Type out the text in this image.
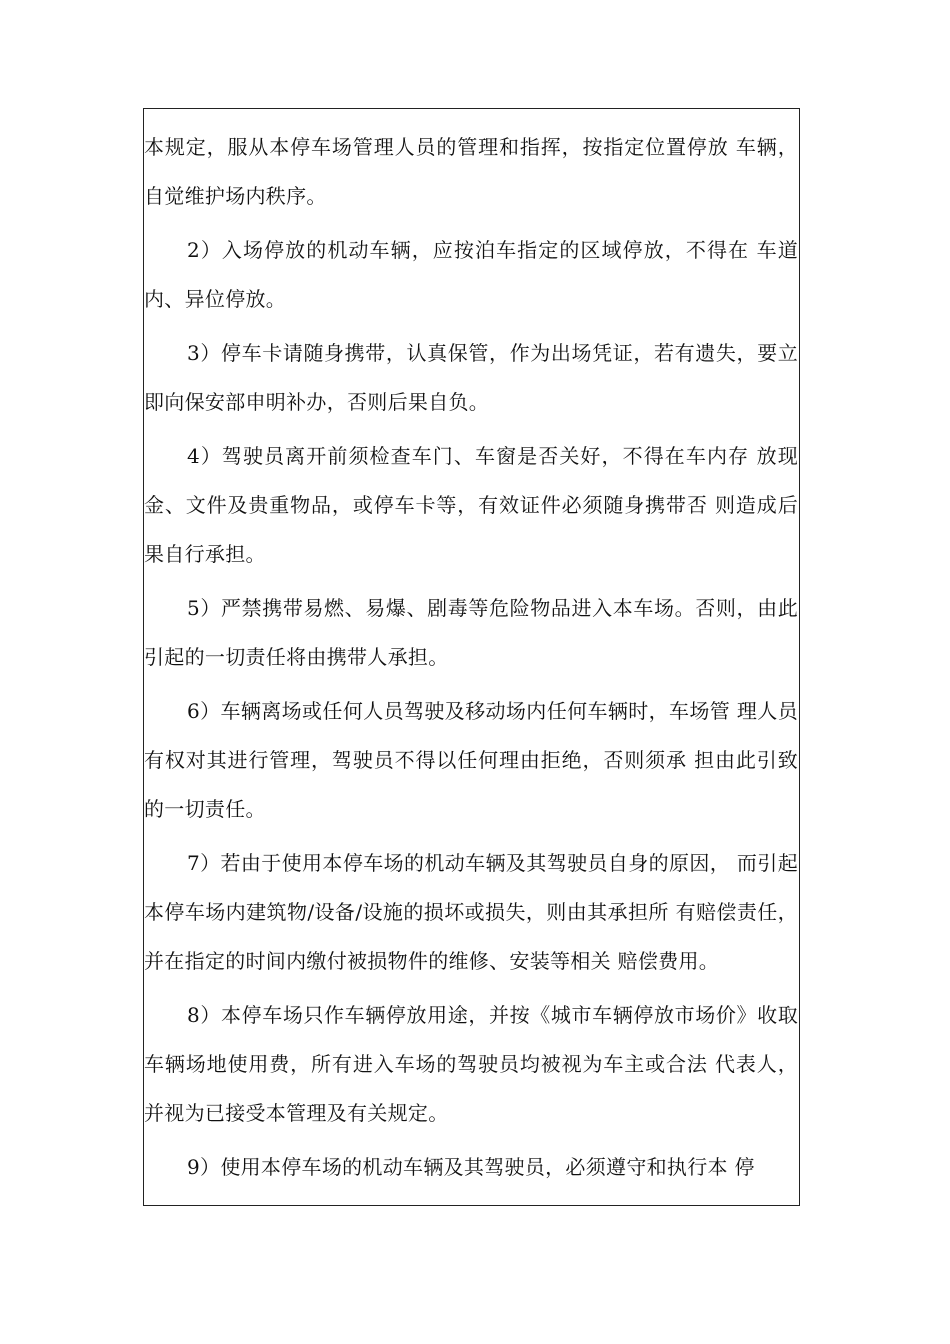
本规定，服从本停车场管理人员的管理和指挥，按指定位置停放 车辆，自觉维护场内秩序。

2）入场停放的机动车辆，应按泊车指定的区域停放，不得在 车道内、异位停放。

3）停车卡请随身携带，认真保管，作为出场凭证，若有遗失，要立即向保安部申明补办，否则后果自负。

4）驾驶员离开前须检查车门、车窗是否关好，不得在车内存 放现金、文件及贵重物品，或停车卡等，有效证件必须随身携带否 则造成后果自行承担。

5）严禁携带易燃、易爆、剧毒等危险物品进入本车场。否则，由此引起的一切责任将由携带人承担。

6）车辆离场或任何人员驾驶及移动场内任何车辆时，车场管 理人员有权对其进行管理，驾驶员不得以任何理由拒绝，否则须承 担由此引致的一切责任。

7）若由于使用本停车场的机动车辆及其驾驶员自身的原因， 而引起本停车场内建筑物/设备/设施的损坏或损失，则由其承担所 有赔偿责任，并在指定的时间内缴付被损物件的维修、安装等相关 赔偿费用。

8）本停车场只作车辆停放用途，并按《城市车辆停放市场价》收取车辆场地使用费，所有进入车场的驾驶员均被视为车主或合法 代表人，并视为已接受本管理及有关规定。

9）使用本停车场的机动车辆及其驾驶员，必须遵守和执行本 停
